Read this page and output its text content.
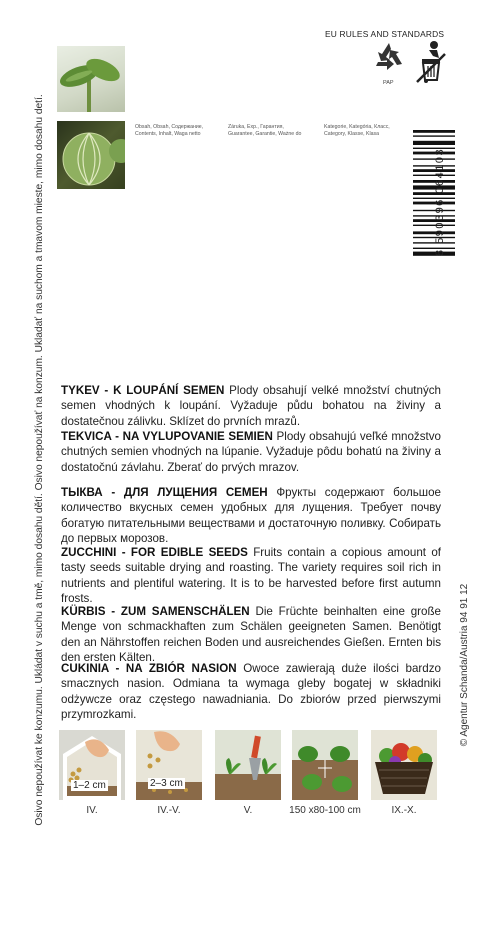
Osivo nepoužívat ke konzumu. Ukládat v suchu a tmě, mimo dosahu dětí. Osivo nepoužívať na konzum. Ukladať na suchom a tmavom mieste, mimo dosahu detí.	Obsah, Obsah, Содержание,
Contents, Inhalt, Waga netto
Záruka, Exp., Гарантия,
Guarantee, Garantie, Ważne do
Kategorie, Kategória, Класс,
Category, Klasse, Klasa
EU RULES AND STANDARDS
PAP
8 590396 064103
TYKEV - K LOUPÁNÍ SEMEN Plody obsahují velké množství chutných semen vhodných k loupání. Vyžaduje půdu bohatou na živiny a dostatečnou zálivku. Sklízet do prvních mrazů.
TEKVICA - NA VYLUPOVANIE SEMIEN Plody obsahujú veľké množstvo chutných semien vhodných na lúpanie. Vyžaduje pôdu bohatú na živiny a dostatočnú závlahu. Zberať do prvých mrazov.
ТЫКВА - ДЛЯ ЛУЩЕНИЯ СЕМЕН Фрукты содержают большое количество вкусных семен удобных для лущения. Требует почву богатую питательными веществами и достаточную поливку. Собирать до первых морозов.
ZUCCHINI - FOR EDIBLE SEEDS Fruits contain a copious amount of tasty seeds suitable drying and roasting. The variety requires soil rich in nutrients and plentiful watering. It is to be harvested before first autumn frosts.
KÜRBIS - ZUM SAMENSCHÄLEN Die Früchte beinhalten eine große Menge von schmackhaften zum Schälen geeigneten Samen. Benötigt den an Nährstoffen reichen Boden und ausreichendes Gießen. Ernten bis den ersten Kälten.
CUKINIA - NA ZBIÓR NASION Owoce zawierają duże ilości bardzo smacznych nasion. Odmiana ta wymaga gleby bogatej w składniki odżywcze oraz częstego nawadniania. Do zbiorów przed pierwszymi przymrozkami.
1–2 cm
IV.
2–3 cm
IV.-V.	V.	150 x80-100 cm	IX.-X.
© Agentur Schanda/Austria 94 91 12
